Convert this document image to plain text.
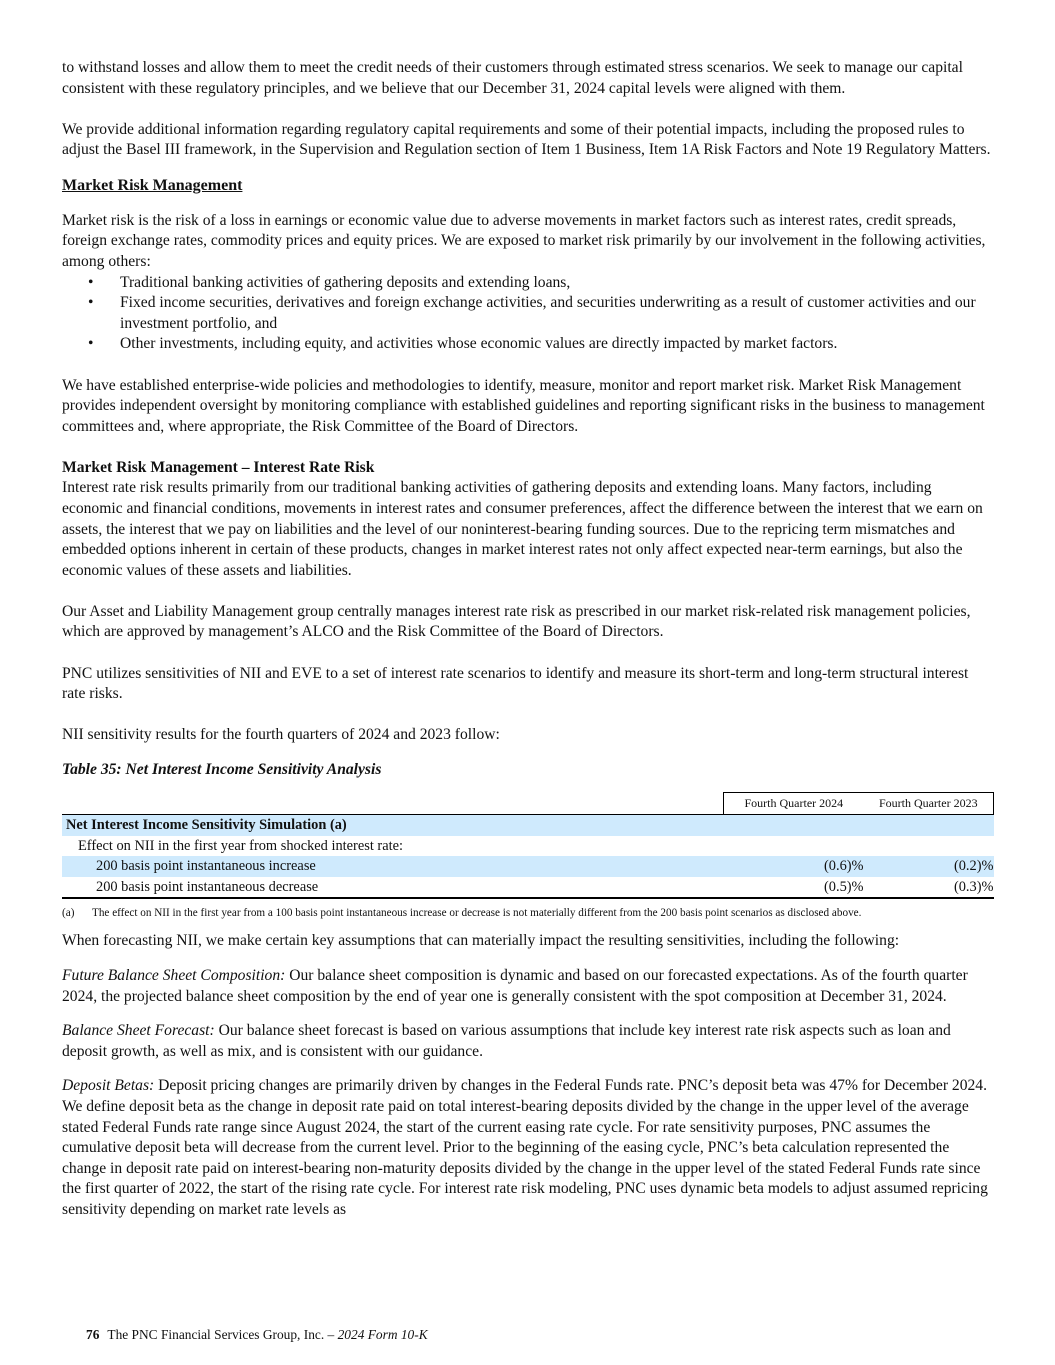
to withstand losses and allow them to meet the credit needs of their customers through estimated stress scenarios. We seek to manage our capital consistent with these regulatory principles, and we believe that our December 31, 2024 capital levels were aligned with them.

We provide additional information regarding regulatory capital requirements and some of their potential impacts, including the proposed rules to adjust the Basel III framework, in the Supervision and Regulation section of Item 1 Business, Item 1A Risk Factors and Note 19 Regulatory Matters.

Market Risk Management

Market risk is the risk of a loss in earnings or economic value due to adverse movements in market factors such as interest rates, credit spreads, foreign exchange rates, commodity prices and equity prices. We are exposed to market risk primarily by our involvement in the following activities, among others:

• Traditional banking activities of gathering deposits and extending loans,
• Fixed income securities, derivatives and foreign exchange activities, and securities underwriting as a result of customer activities and our investment portfolio, and
• Other investments, including equity, and activities whose economic values are directly impacted by market factors.

We have established enterprise-wide policies and methodologies to identify, measure, monitor and report market risk. Market Risk Management provides independent oversight by monitoring compliance with established guidelines and reporting significant risks in the business to management committees and, where appropriate, the Risk Committee of the Board of Directors.

Market Risk Management – Interest Rate Risk

Interest rate risk results primarily from our traditional banking activities of gathering deposits and extending loans. Many factors, including economic and financial conditions, movements in interest rates and consumer preferences, affect the difference between the interest that we earn on assets, the interest that we pay on liabilities and the level of our noninterest-bearing funding sources. Due to the repricing term mismatches and embedded options inherent in certain of these products, changes in market interest rates not only affect expected near-term earnings, but also the economic values of these assets and liabilities.

Our Asset and Liability Management group centrally manages interest rate risk as prescribed in our market risk-related risk management policies, which are approved by management’s ALCO and the Risk Committee of the Board of Directors.

PNC utilizes sensitivities of NII and EVE to a set of interest rate scenarios to identify and measure its short-term and long-term structural interest rate risks.

NII sensitivity results for the fourth quarters of 2024 and 2023 follow:

Table 35: Net Interest Income Sensitivity Analysis

	Fourth Quarter 2024	Fourth Quarter 2023
Net Interest Income Sensitivity Simulation (a)		
Effect on NII in the first year from shocked interest rate:		
200 basis point instantaneous increase	(0.6)%	(0.2)%
200 basis point instantaneous decrease	(0.5)%	(0.3)%

(a) The effect on NII in the first year from a 100 basis point instantaneous increase or decrease is not materially different from the 200 basis point scenarios as disclosed above.

When forecasting NII, we make certain key assumptions that can materially impact the resulting sensitivities, including the following:

Future Balance Sheet Composition: Our balance sheet composition is dynamic and based on our forecasted expectations. As of the fourth quarter 2024, the projected balance sheet composition by the end of year one is generally consistent with the spot composition at December 31, 2024.

Balance Sheet Forecast: Our balance sheet forecast is based on various assumptions that include key interest rate risk aspects such as loan and deposit growth, as well as mix, and is consistent with our guidance.

Deposit Betas: Deposit pricing changes are primarily driven by changes in the Federal Funds rate. PNC’s deposit beta was 47% for December 2024. We define deposit beta as the change in deposit rate paid on total interest-bearing deposits divided by the change in the upper level of the average stated Federal Funds rate range since August 2024, the start of the current easing rate cycle. For rate sensitivity purposes, PNC assumes the cumulative deposit beta will decrease from the current level. Prior to the beginning of the easing cycle, PNC’s beta calculation represented the change in deposit rate paid on interest-bearing non-maturity deposits divided by the change in the upper level of the stated Federal Funds rate since the first quarter of 2022, the start of the rising rate cycle. For interest rate risk modeling, PNC uses dynamic beta models to adjust assumed repricing sensitivity depending on market rate levels as

76 The PNC Financial Services Group, Inc. – 2024 Form 10-K
